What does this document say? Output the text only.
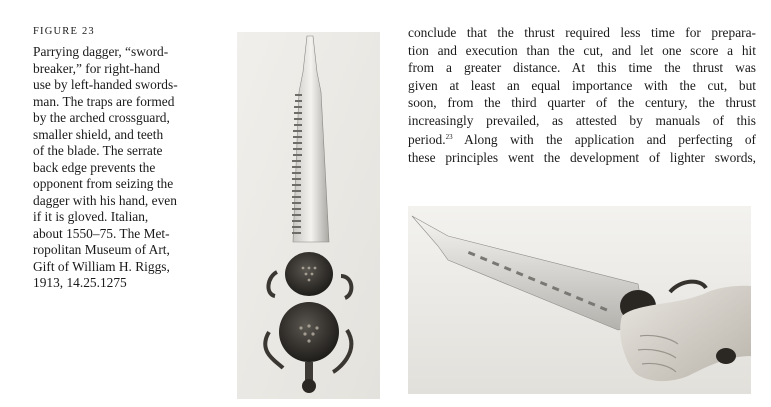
FIGURE 23

Parrying dagger, “sword-

breaker,” for right-hand

use by left-handed swords-

man. The traps are formed

by the arched crossguard,

smaller shield, and teeth

of the blade. The serrate

back edge prevents the

opponent from seizing the

dagger with his hand, even

if it is gloved. Italian,

about 1550–75. The Met-

ropolitan Museum of Art,

Gift of William H. Riggs,

1913, 14.25.1275

conclude that the thrust required less time for prepara-

tion and execution than the cut, and let one score a hit

from a greater distance. At this time the thrust was

given at least an equal importance with the cut, but

soon, from the third quarter of the century, the thrust

increasingly prevailed, as attested by manuals of this

period.$^{23}$ Along with the application and perfecting of

these principles went the development of lighter swords,
